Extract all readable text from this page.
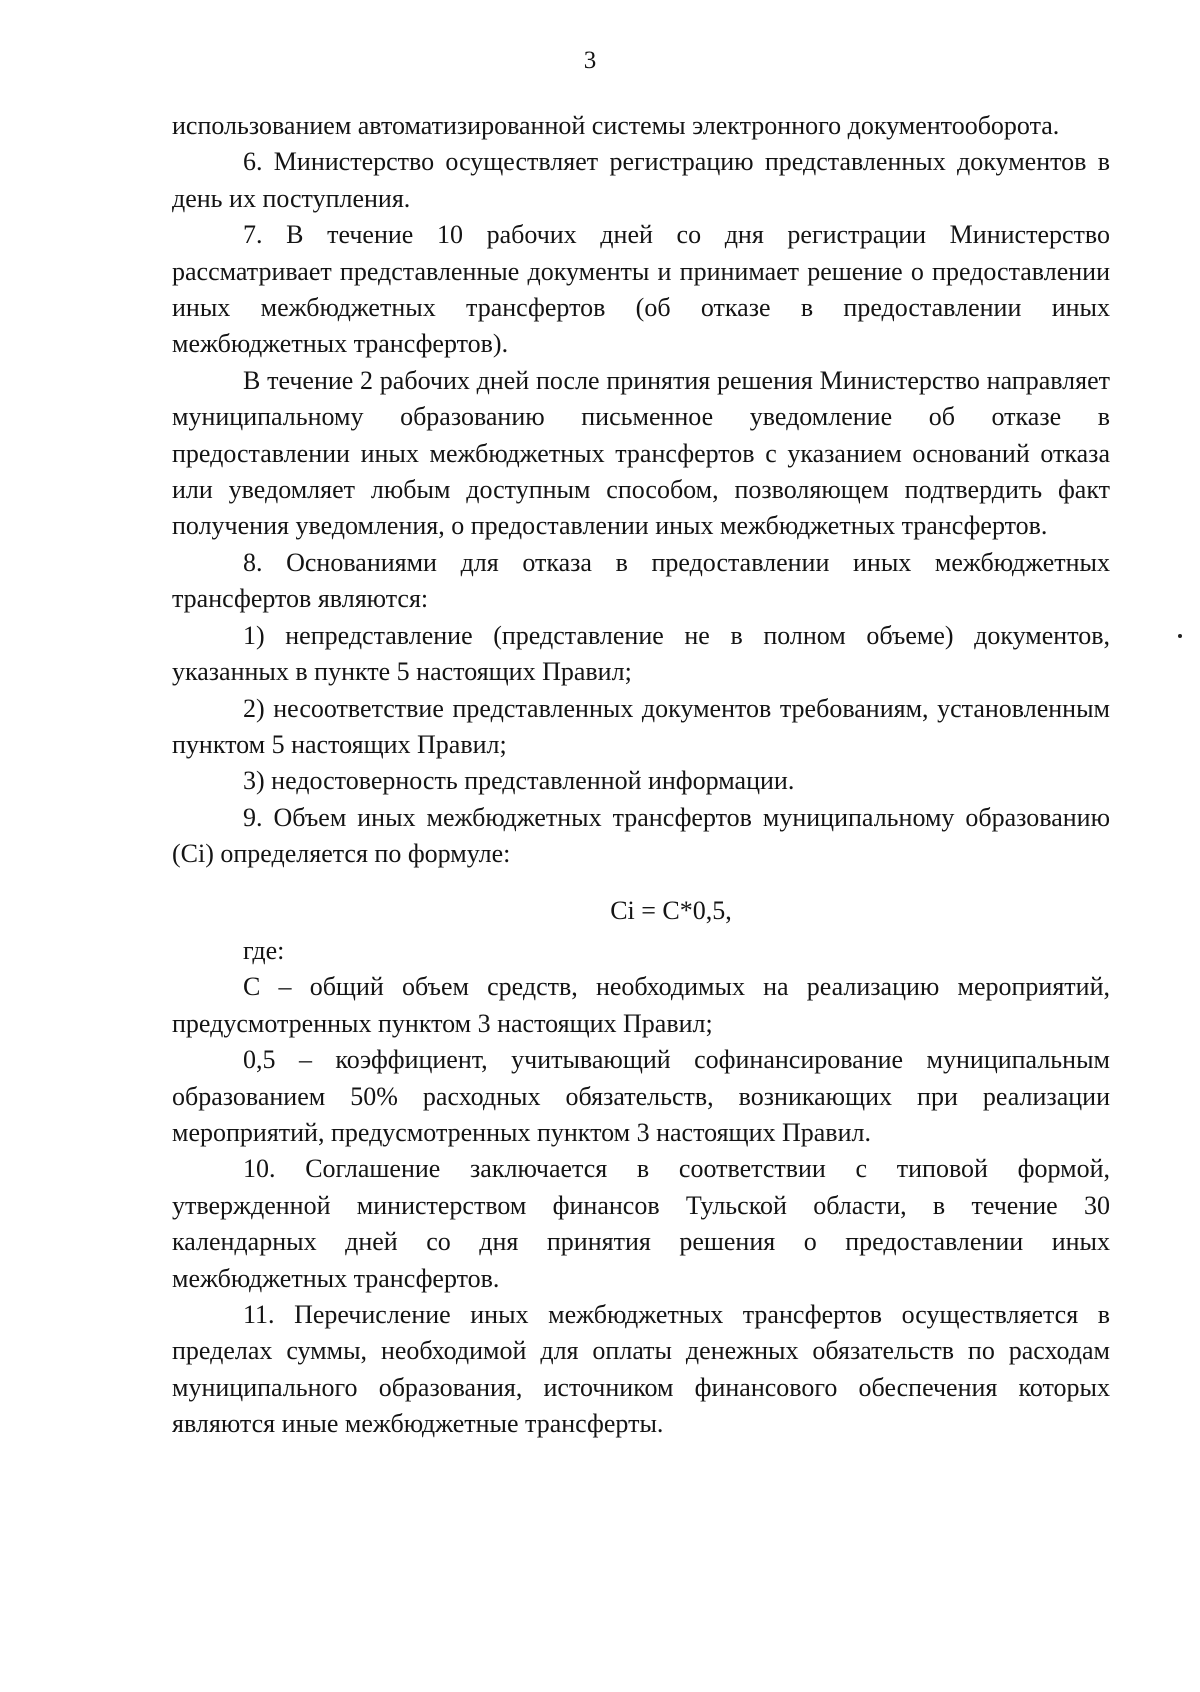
3

использованием автоматизированной системы электронного документооборота.

6. Министерство осуществляет регистрацию представленных документов в день их поступления.

7. В течение 10 рабочих дней со дня регистрации Министерство рассматривает представленные документы и принимает решение о предоставлении иных межбюджетных трансфертов (об отказе в предоставлении иных межбюджетных трансфертов).

В течение 2 рабочих дней после принятия решения Министерство направляет муниципальному образованию письменное уведомление об отказе в предоставлении иных межбюджетных трансфертов с указанием оснований отказа или уведомляет любым доступным способом, позволяющем подтвердить факт получения уведомления, о предоставлении иных межбюджетных трансфертов.

8. Основаниями для отказа в предоставлении иных межбюджетных трансфертов являются:

1) непредставление (представление не в полном объеме) документов, указанных в пункте 5 настоящих Правил;

2) несоответствие представленных документов требованиям, установленным пунктом 5 настоящих Правил;

3) недостоверность представленной информации.

9. Объем иных межбюджетных трансфертов муниципальному образованию (Ci) определяется по формуле:

Ci = C*0,5,

где:

С – общий объем средств, необходимых на реализацию мероприятий, предусмотренных пунктом 3 настоящих Правил;

0,5 – коэффициент, учитывающий софинансирование муниципальным образованием 50% расходных обязательств, возникающих при реализации мероприятий, предусмотренных пунктом 3 настоящих Правил.

10. Соглашение заключается в соответствии с типовой формой, утвержденной министерством финансов Тульской области, в течение 30 календарных дней со дня принятия решения о предоставлении иных межбюджетных трансфертов.

11. Перечисление иных межбюджетных трансфертов осуществляется в пределах суммы, необходимой для оплаты денежных обязательств по расходам муниципального образования, источником финансового обеспечения которых являются иные межбюджетные трансферты.
